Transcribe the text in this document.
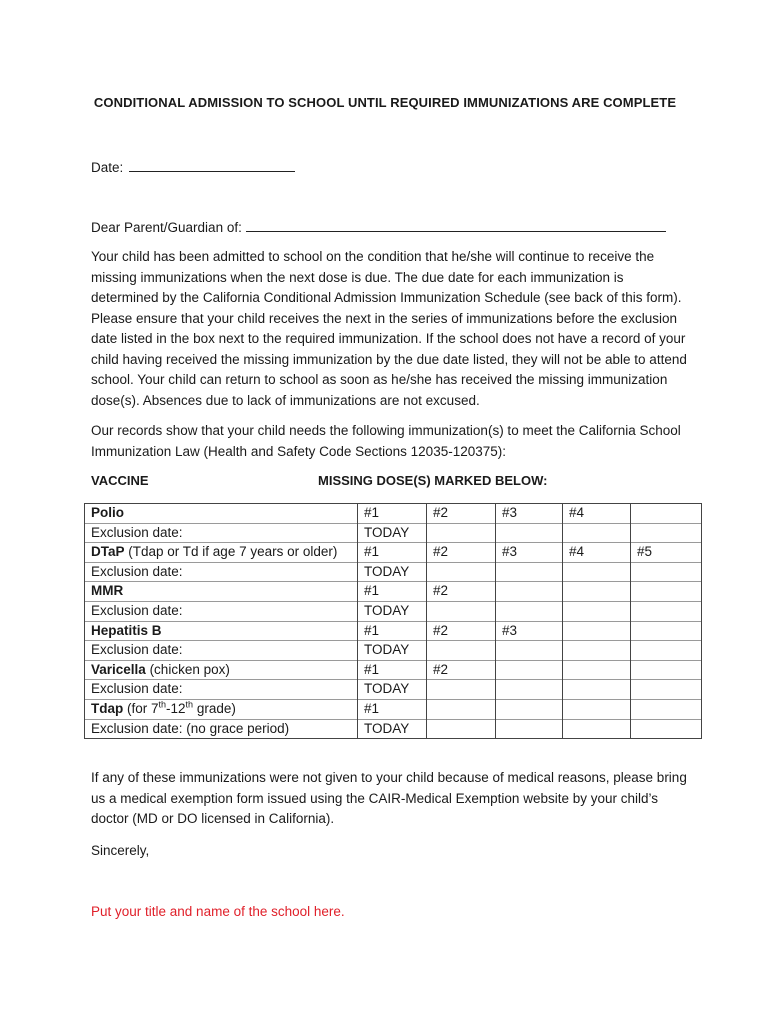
CONDITIONAL ADMISSION TO SCHOOL UNTIL REQUIRED IMMUNIZATIONS ARE COMPLETE
Date:
Dear Parent/Guardian of:
Your child has been admitted to school on the condition that he/she will continue to receive the missing immunizations when the next dose is due. The due date for each immunization is determined by the California Conditional Admission Immunization Schedule (see back of this form). Please ensure that your child receives the next in the series of immunizations before the exclusion date listed in the box next to the required immunization. If the school does not have a record of your child having received the missing immunization by the due date listed, they will not be able to attend school. Your child can return to school as soon as he/she has received the missing immunization dose(s). Absences due to lack of immunizations are not excused.
Our records show that your child needs the following immunization(s) to meet the California School Immunization Law (Health and Safety Code Sections 12035-120375):
VACCINE	MISSING DOSE(S) MARKED BELOW:
Polio	#1	#2	#3	#4	
Exclusion date:	TODAY				
DTaP (Tdap or Td if age 7 years or older)	#1	#2	#3	#4	#5
Exclusion date:	TODAY				
MMR	#1	#2			
Exclusion date:	TODAY				
Hepatitis B	#1	#2	#3		
Exclusion date:	TODAY				
Varicella (chicken pox)	#1	#2			
Exclusion date:	TODAY				
Tdap (for 7th-12th grade)	#1				
Exclusion date: (no grace period)	TODAY				
If any of these immunizations were not given to your child because of medical reasons, please bring us a medical exemption form issued using the CAIR-Medical Exemption website by your child’s doctor (MD or DO licensed in California).
Sincerely,
Put your title and name of the school here.
